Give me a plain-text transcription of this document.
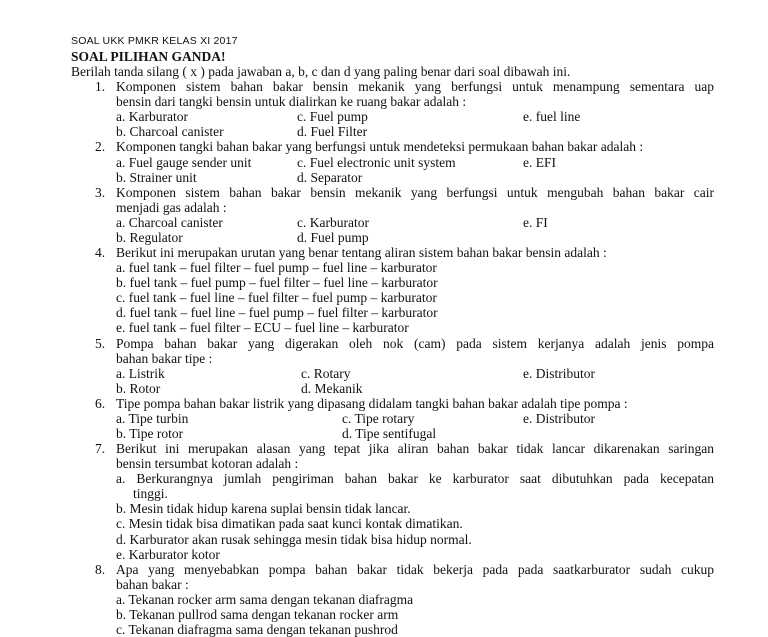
SOAL UKK PMKR KELAS XI 2017
SOAL PILIHAN GANDA!
Berilah tanda silang ( x ) pada jawaban a, b, c dan d yang paling benar dari soal dibawah ini.
1. Komponen sistem bahan bakar bensin mekanik yang berfungsi untuk menampung sementara uap
bensin dari tangki bensin untuk dialirkan ke ruang bakar adalah :
a. Karburator	c. Fuel pump	e. fuel line
b. Charcoal canister	d. Fuel Filter
2. Komponen tangki bahan bakar yang berfungsi untuk mendeteksi permukaan bahan bakar adalah :
a. Fuel gauge sender unit	c. Fuel electronic unit system	e. EFI
b. Strainer unit	d. Separator
3. Komponen sistem bahan bakar bensin mekanik yang berfungsi untuk mengubah bahan bakar cair
menjadi gas adalah :
a. Charcoal canister	c. Karburator	e. FI
b. Regulator	d. Fuel pump
4. Berikut ini merupakan urutan yang benar tentang aliran sistem bahan bakar bensin adalah :
a. fuel tank – fuel filter – fuel pump – fuel line – karburator
b. fuel tank – fuel pump – fuel filter – fuel line – karburator
c. fuel tank – fuel line – fuel filter – fuel pump – karburator
d. fuel tank – fuel line – fuel pump – fuel filter – karburator
e. fuel tank – fuel filter – ECU – fuel line – karburator
5. Pompa bahan bakar yang digerakan oleh nok (cam) pada sistem kerjanya adalah jenis pompa
bahan bakar tipe :
a. Listrik	c. Rotary	e. Distributor
b. Rotor	d. Mekanik
6. Tipe pompa bahan bakar listrik yang dipasang didalam tangki bahan bakar adalah tipe pompa :
a. Tipe turbin	c. Tipe rotary	e. Distributor
b. Tipe rotor	d. Tipe sentifugal
7. Berikut ini merupakan alasan yang tepat jika aliran bahan bakar tidak lancar dikarenakan saringan
bensin tersumbat kotoran adalah :
a. Berkurangnya jumlah pengiriman bahan bakar ke karburator saat dibutuhkan pada kecepatan
tinggi.
b. Mesin tidak hidup karena suplai bensin tidak lancar.
c. Mesin tidak bisa dimatikan pada saat kunci kontak dimatikan.
d. Karburator akan rusak sehingga mesin tidak bisa hidup normal.
e. Karburator kotor
8. Apa yang menyebabkan pompa bahan bakar tidak bekerja pada pada saatkarburator sudah cukup
bahan bakar :
a. Tekanan rocker arm sama dengan tekanan diafragma
b. Tekanan pullrod sama dengan tekanan rocker arm
c. Tekanan diafragma sama dengan tekanan pushrod
